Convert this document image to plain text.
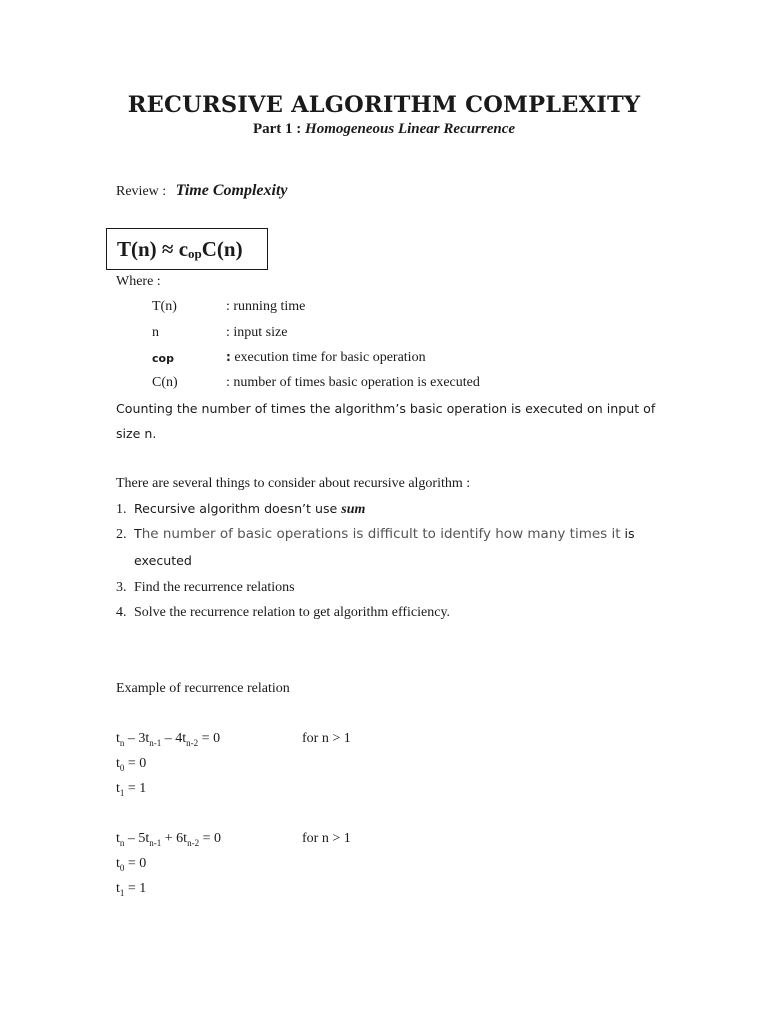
RECURSIVE ALGORITHM COMPLEXITY
Part 1 : Homogeneous Linear Recurrence
Review : Time Complexity
T(n) ≈ copC(n)
Where :
T(n)	: running time
n	: input size
cop	: execution time for basic operation
C(n)	: number of times basic operation is executed
Counting the number of times the algorithm’s basic operation is executed on input of
size n.
There are several things to consider about recursive algorithm :
1. Recursive algorithm doesn’t use sum
2. The number of basic operations is difficult to identify how many times it is
executed
3. Find the recurrence relations
4. Solve the recurrence relation to get algorithm efficiency.
Example of recurrence relation
$t_n - 3t_{n-1} - 4t_{n-2} = 0$	for n > 1
$t_0 = 0$
$t_1 = 1$
$t_n - 5t_{n-1} + 6t_{n-2} = 0$	for n > 1
$t_0 = 0$
$t_1 = 1$
